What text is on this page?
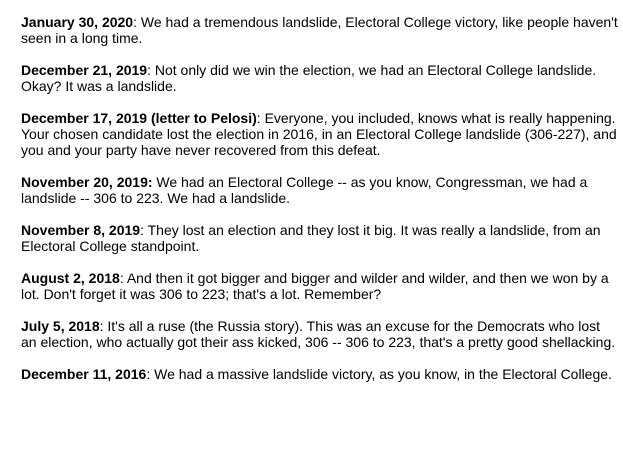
January 30, 2020: We had a tremendous landslide, Electoral College victory, like people haven't seen in a long time.

December 21, 2019: Not only did we win the election, we had an Electoral College landslide. Okay? It was a landslide.

December 17, 2019 (letter to Pelosi): Everyone, you included, knows what is really happening. Your chosen candidate lost the election in 2016, in an Electoral College landslide (306-227), and you and your party have never recovered from this defeat.

November 20, 2019: We had an Electoral College -- as you know, Congressman, we had a landslide -- 306 to 223. We had a landslide.

November 8, 2019: They lost an election and they lost it big. It was really a landslide, from an Electoral College standpoint.

August 2, 2018: And then it got bigger and bigger and wilder and wilder, and then we won by a lot. Don't forget it was 306 to 223; that's a lot. Remember?

July 5, 2018: It's all a ruse (the Russia story). This was an excuse for the Democrats who lost an election, who actually got their ass kicked, 306 -- 306 to 223, that's a pretty good shellacking.

December 11, 2016: We had a massive landslide victory, as you know, in the Electoral College.
